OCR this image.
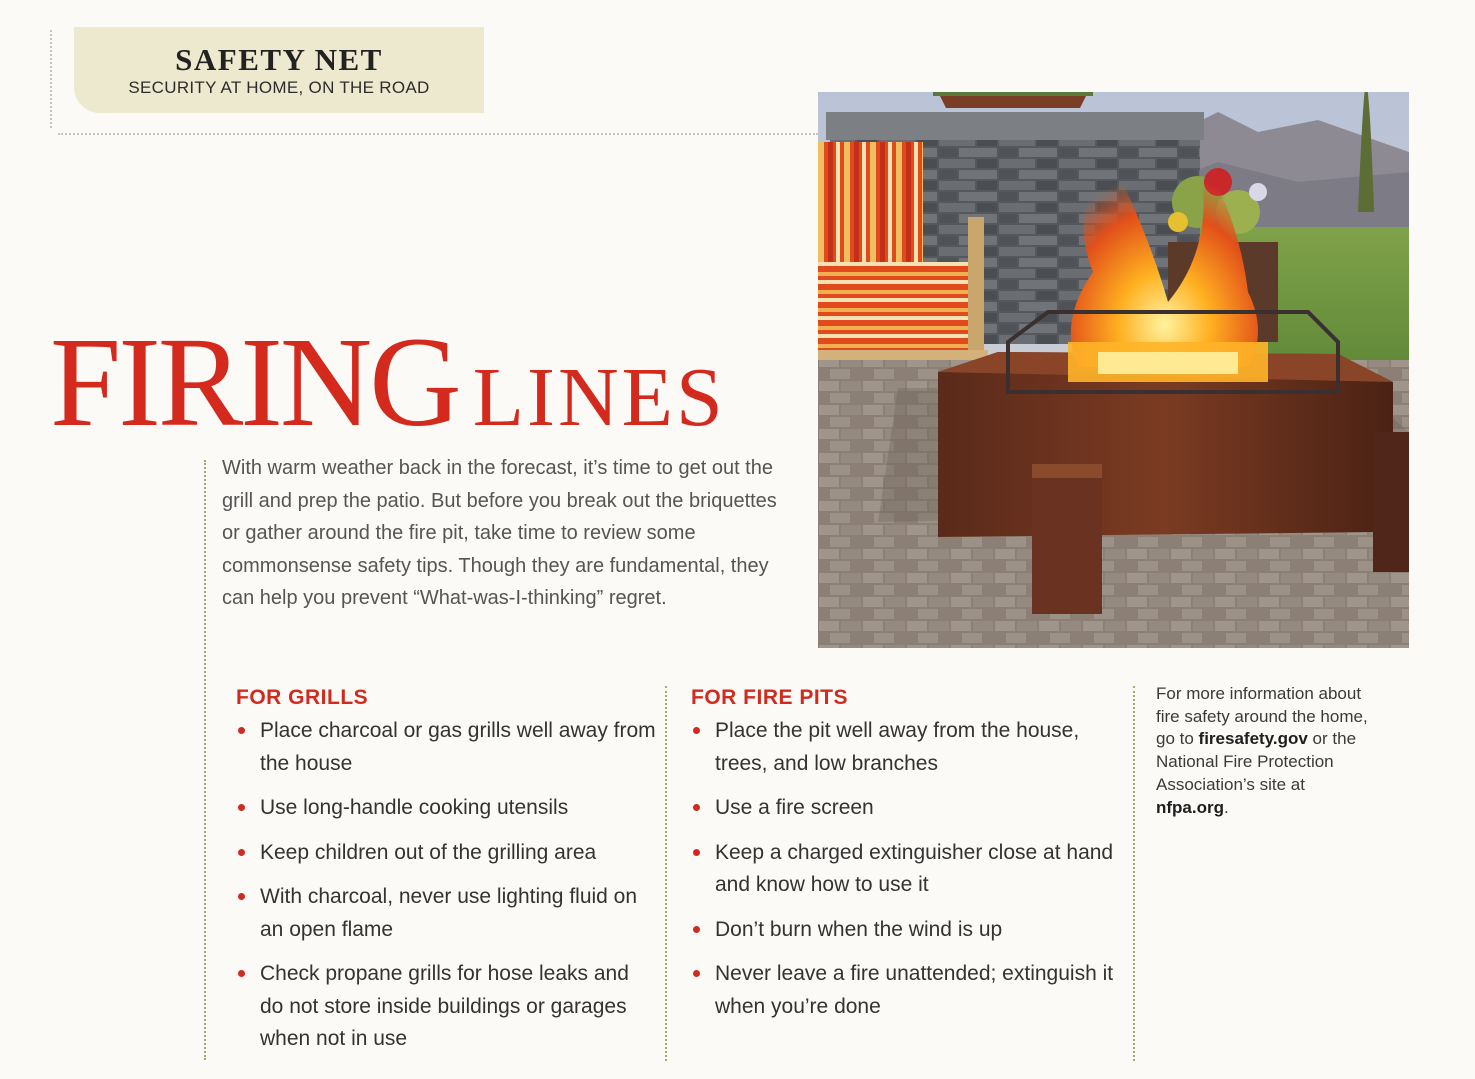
SAFETY NET
SECURITY AT HOME, ON THE ROAD
FIRING LINES
With warm weather back in the forecast, it’s time to get out the grill and prep the patio. But before you break out the briquettes or gather around the fire pit, take time to review some commonsense safety tips. Though they are fundamental, they can help you prevent “What-was-I-thinking” regret.
FOR GRILLS
Place charcoal or gas grills well away from the house
Use long-handle cooking utensils
Keep children out of the grilling area
With charcoal, never use lighting fluid on an open flame
Check propane grills for hose leaks and do not store inside buildings or garages when not in use
FOR FIRE PITS
Place the pit well away from the house, trees, and low branches
Use a fire screen
Keep a charged extinguisher close at hand and know how to use it
Don’t burn when the wind is up
Never leave a fire unattended; extinguish it when you’re done
For more information about fire safety around the home, go to firesafety.gov or the National Fire Protection Association’s site at nfpa.org.
